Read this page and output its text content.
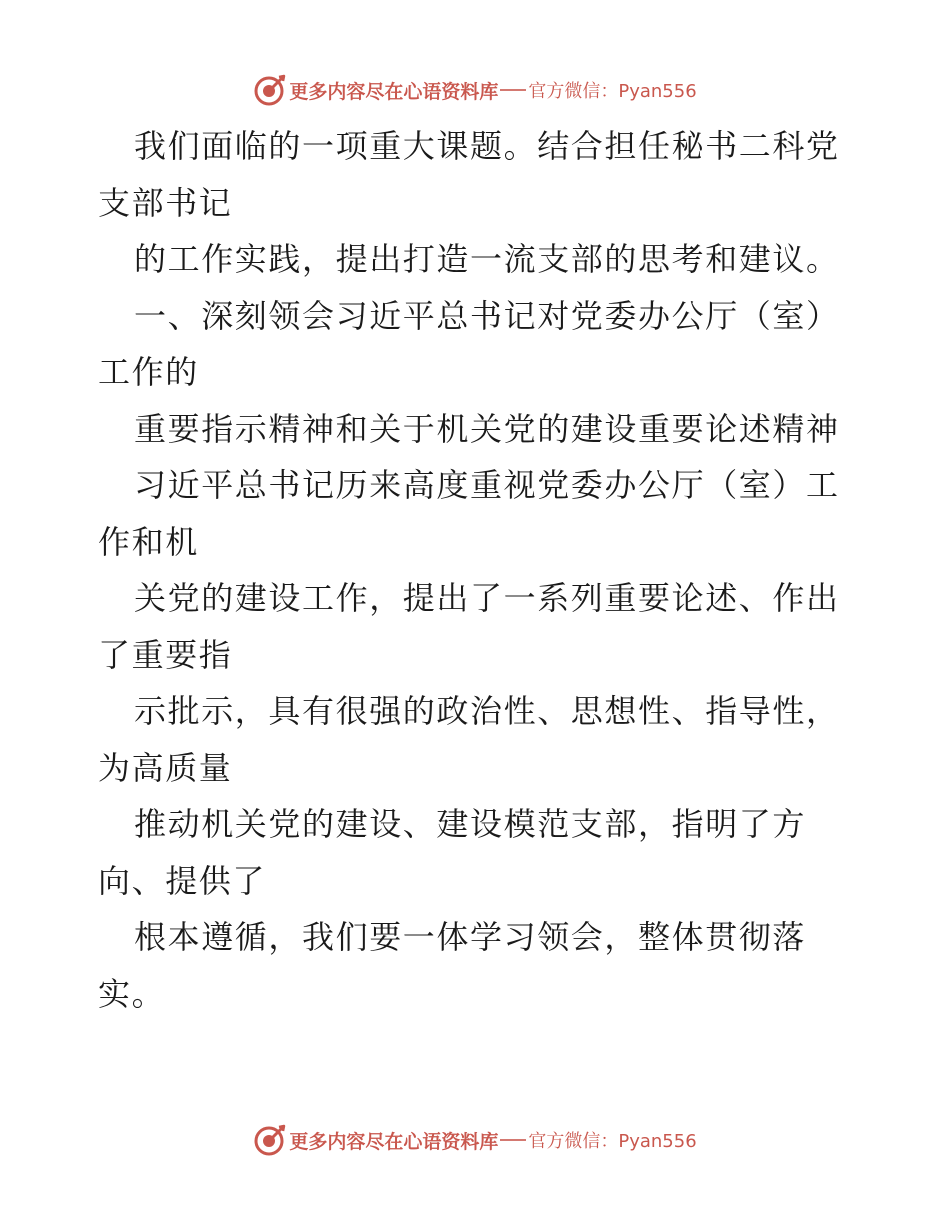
更多内容尽在心语资料库 官方微信：Pyan556
我们面临的一项重大课题。结合担任秘书二科党
支部书记
的工作实践，提出打造一流支部的思考和建议。
一、深刻领会习近平总书记对党委办公厅（室）
工作的
重要指示精神和关于机关党的建设重要论述精神
习近平总书记历来高度重视党委办公厅（室）工
作和机
关党的建设工作，提出了一系列重要论述、作出
了重要指
示批示，具有很强的政治性、思想性、指导性，
为高质量
推动机关党的建设、建设模范支部，指明了方
向、提供了
根本遵循，我们要一体学习领会，整体贯彻落
实。
更多内容尽在心语资料库 官方微信：Pyan556
